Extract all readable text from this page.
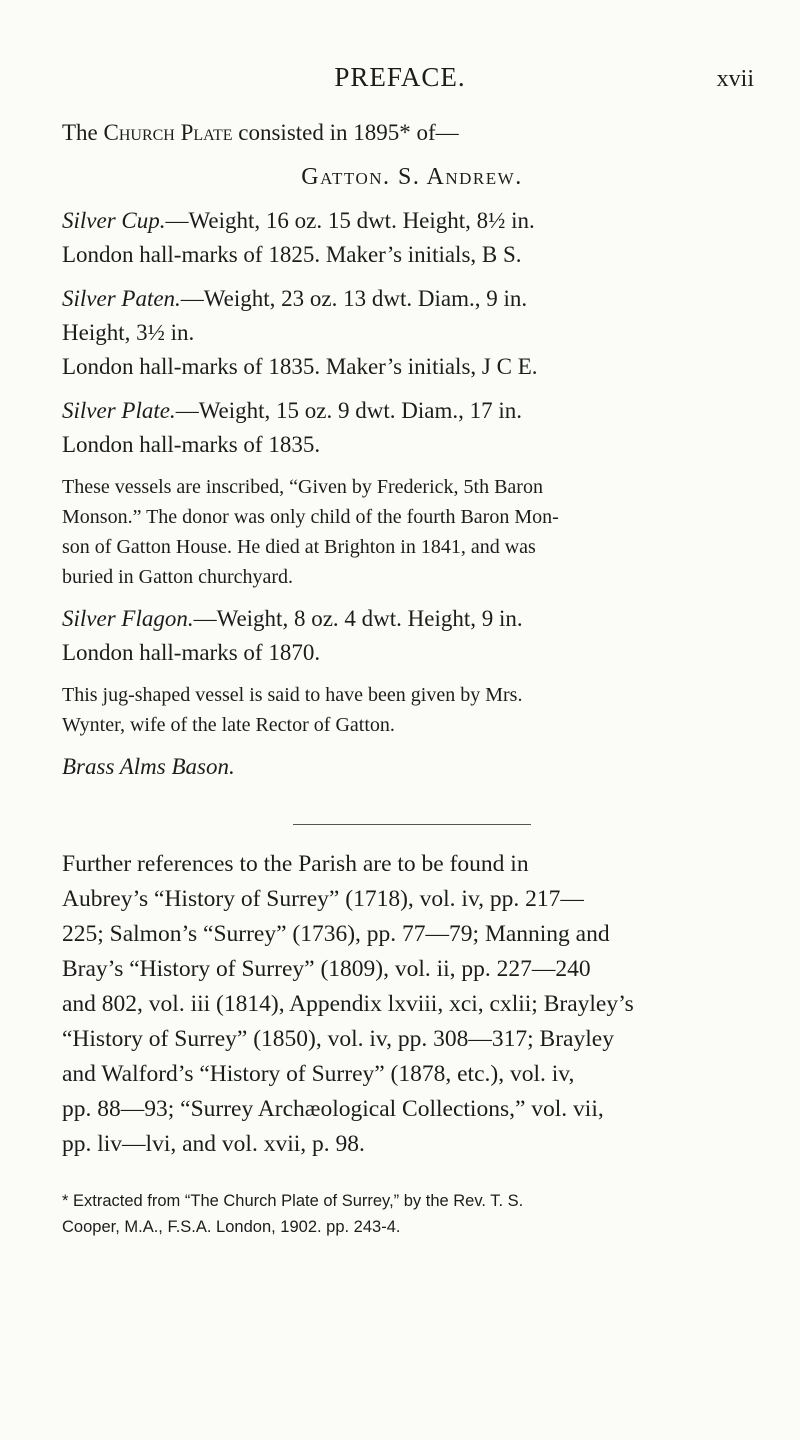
PREFACE.	xvii
The Church Plate consisted in 1895* of—
Gatton. S. Andrew.
Silver Cup.—Weight, 16 oz. 15 dwt. Height, 8½ in.
London hall-marks of 1825. Maker’s initials, B S.
Silver Paten.—Weight, 23 oz. 13 dwt. Diam., 9 in.
Height, 3½ in.
London hall-marks of 1835. Maker’s initials, J C E.
Silver Plate.—Weight, 15 oz. 9 dwt. Diam., 17 in.
London hall-marks of 1835.
These vessels are inscribed, “Given by Frederick, 5th Baron
Monson.” The donor was only child of the fourth Baron Mon-
son of Gatton House. He died at Brighton in 1841, and was
buried in Gatton churchyard.
Silver Flagon.—Weight, 8 oz. 4 dwt. Height, 9 in.
London hall-marks of 1870.
This jug-shaped vessel is said to have been given by Mrs.
Wynter, wife of the late Rector of Gatton.
Brass Alms Bason.
Further references to the Parish are to be found in
Aubrey’s “History of Surrey” (1718), vol. iv, pp. 217—
225; Salmon’s “Surrey” (1736), pp. 77—79; Manning and
Bray’s “History of Surrey” (1809), vol. ii, pp. 227—240
and 802, vol. iii (1814), Appendix lxviii, xci, cxlii; Brayley’s
“History of Surrey” (1850), vol. iv, pp. 308—317; Brayley
and Walford’s “History of Surrey” (1878, etc.), vol. iv,
pp. 88—93; “Surrey Archæological Collections,” vol. vii,
pp. liv—lvi, and vol. xvii, p. 98.
* Extracted from “The Church Plate of Surrey,” by the Rev. T. S.
Cooper, M.A., F.S.A. London, 1902. pp. 243-4.
